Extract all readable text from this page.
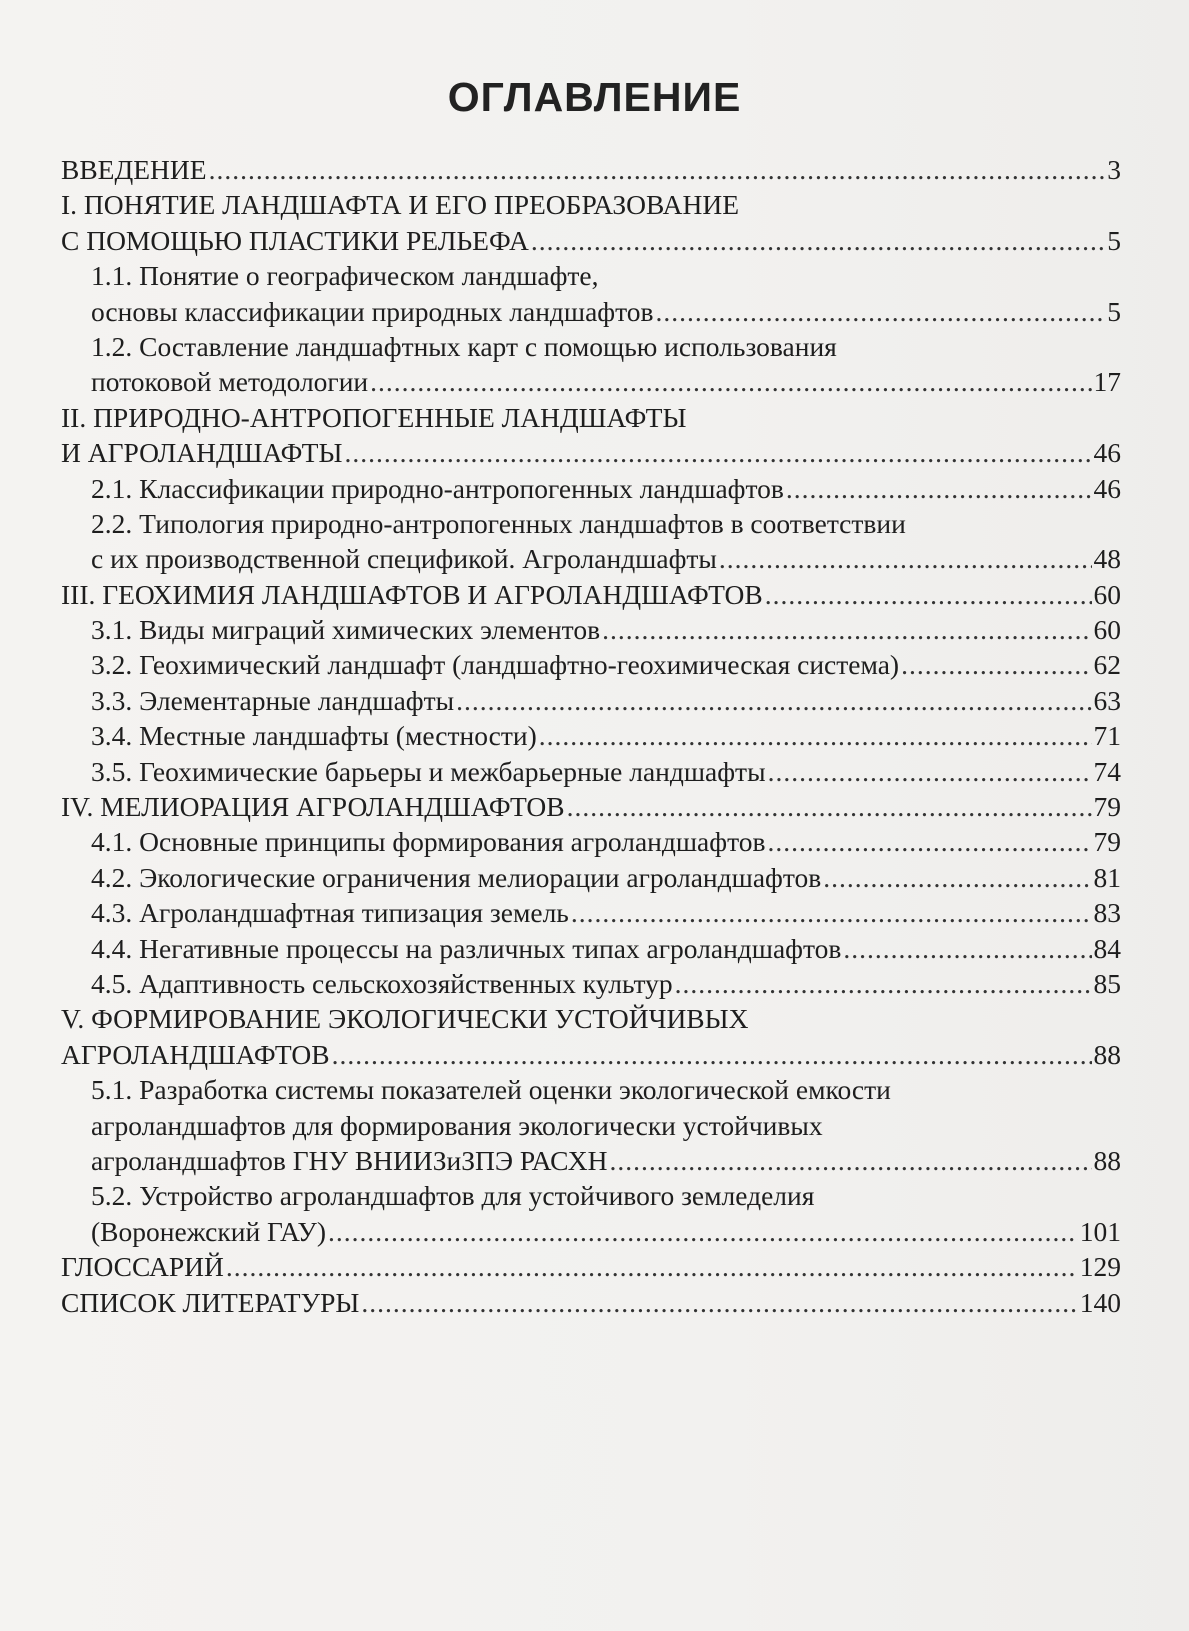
ОГЛАВЛЕНИЕ
ВВЕДЕНИЕ .....	3
I. ПОНЯТИЕ ЛАНДШАФТА И ЕГО ПРЕОБРАЗОВАНИЕ
С ПОМОЩЬЮ ПЛАСТИКИ РЕЛЬЕФА .....	5
1.1. Понятие о географическом ландшафте,
основы классификации природных ландшафтов .....	5
1.2. Составление ландшафтных карт с помощью использования
потоковой методологии .....	17
II. ПРИРОДНО-АНТРОПОГЕННЫЕ ЛАНДШАФТЫ
И АГРОЛАНДШАФТЫ .....	46
2.1. Классификации природно-антропогенных ландшафтов .....	46
2.2. Типология природно-антропогенных ландшафтов в соответствии
с их производственной спецификой. Агроландшафты .....	48
III. ГЕОХИМИЯ ЛАНДШАФТОВ И АГРОЛАНДШАФТОВ .....	60
3.1. Виды миграций химических элементов .....	60
3.2. Геохимический ландшафт (ландшафтно-геохимическая система) .....	62
3.3. Элементарные ландшафты .....	63
3.4. Местные ландшафты (местности) .....	71
3.5. Геохимические барьеры и межбарьерные ландшафты .....	74
IV. МЕЛИОРАЦИЯ АГРОЛАНДШАФТОВ .....	79
4.1. Основные принципы формирования агроландшафтов .....	79
4.2. Экологические ограничения мелиорации агроландшафтов .....	81
4.3. Агроландшафтная типизация земель .....	83
4.4. Негативные процессы на различных типах агроландшафтов .....	84
4.5. Адаптивность сельскохозяйственных культур .....	85
V. ФОРМИРОВАНИЕ ЭКОЛОГИЧЕСКИ УСТОЙЧИВЫХ
АГРОЛАНДШАФТОВ .....	88
5.1. Разработка системы показателей оценки экологической емкости
агроландшафтов для формирования экологически устойчивых
агроландшафтов ГНУ ВНИИЗиЗПЭ РАСХН .....	88
5.2. Устройство агроландшафтов для устойчивого земледелия
(Воронежский ГАУ) .....	101
ГЛОССАРИЙ .....	129
СПИСОК ЛИТЕРАТУРЫ .....	140
